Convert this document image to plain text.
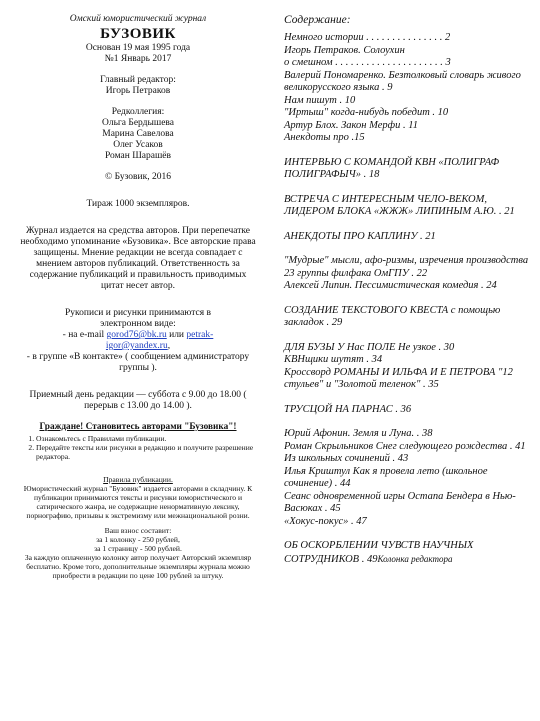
Омский юмористический журнал
БУЗОВИК
Основан 19 мая 1995 года
№1 Январь 2017
Главный редактор:
Игорь Петраков
Редколлегия:
Ольга Бердышева
Марина Савелова
Олег Усаков
Роман Шарашёв
© Бузовик, 2016
Тираж 1000 экземпляров.
Журнал издается на средства авторов. При перепечатке необходимо упоминание «Бузовика». Все авторские права защищены. Мнение редакции не всегда совпадает с мнением авторов публикаций. Ответственность за содержание публикаций и правильность приводимых цитат несет автор.
Рукописи и рисунки принимаются в
электронном виде:
- на e-mail gorod76@bk.ru или petrak-
igor@yandex.ru,
- в группе «В контакте» ( сообщением администратору группы ).
Приемный день редакции — суббота с 9.00 до 18.00 ( перерыв с 13.00 до 14.00 ).
Граждане! Становитесь авторами "Бузовика"!
1. Ознакомьтесь с Правилами публикации.
2. Передайте тексты или рисунки в редакцию и получите разрешение редактора.
Правила публикации.
Юмористический журнал "Бузовик" издается авторами в складчину. К публикации принимаются тексты и рисунки юмористического и сатирического жанра, не содержащие ненормативную лексику, порнографию, призывы к экстремизму или межнациональной розни.
Ваш взнос составит:
за 1 колонку - 250 рублей,
за 1 страницу - 500 рублей.
За каждую оплаченную колонку автор получает Авторский экземпляр бесплатно. Кроме того, дополнительные экземпляры журнала можно приобрести в редакции по цене 100 рублей за штуку.
Содержание:
Немного истории . . . . . . . . . . . . . . . 2
Игорь Петраков. Солоухин
о смешном . . . . . . . . . . . . . . . . . . . . . 3
Валерий Пономаренко. Безтолковый словарь живого великорусского языка . 9
Нам пишут . 10
"Иртыш" когда-нибудь победит . 10
Артур Блох. Закон Мерфи . 11
Анекдоты про .15
ИНТЕРВЬЮ С КОМАНДОЙ КВН «ПОЛИГРАФ ПОЛИГРАФЫЧ» . 18
ВСТРЕЧА С ИНТЕРЕСНЫМ ЧЕЛО-ВЕКОМ, ЛИДЕРОМ БЛОКА «ЖЖЖ» ЛИПИНЫМ А.Ю. . 21
АНЕКДОТЫ ПРО КАПЛИНУ . 21
"Мудрые" мысли, афо-ризмы, изречения производства 23 группы филфака ОмГПУ . 22
Алексей Липин. Пессимистическая комедия . 24
СОЗДАНИЕ ТЕКСТОВОГО КВЕСТА с помощью закладок . 29
ДЛЯ БУЗЫ У Нас ПОЛЕ Не узкое . 30
КВНщики шутят . 34
Кроссворд РОМАНЫ И ИЛЬФА И Е ПЕТРОВА "12 стульев" и "Золотой теленок" . 35
ТРУСЦОЙ НА ПАРНАС . 36
Юрий Афонин. Земля и Луна. . 38
Роман Скрыльников Снег следующего рождества . 41
Из школьных сочинений . 43
Илья Криштул Как я провела лето (школьное сочинение) . 44
Сеанс одновременной игры Остапа Бендера в Нью-Васюках . 45
«Хокус-покус» . 47
ОБ ОСКОРБЛЕНИИ ЧУВСТВ НАУЧНЫХ СОТРУДНИКОВ . 49Колонка редактора
